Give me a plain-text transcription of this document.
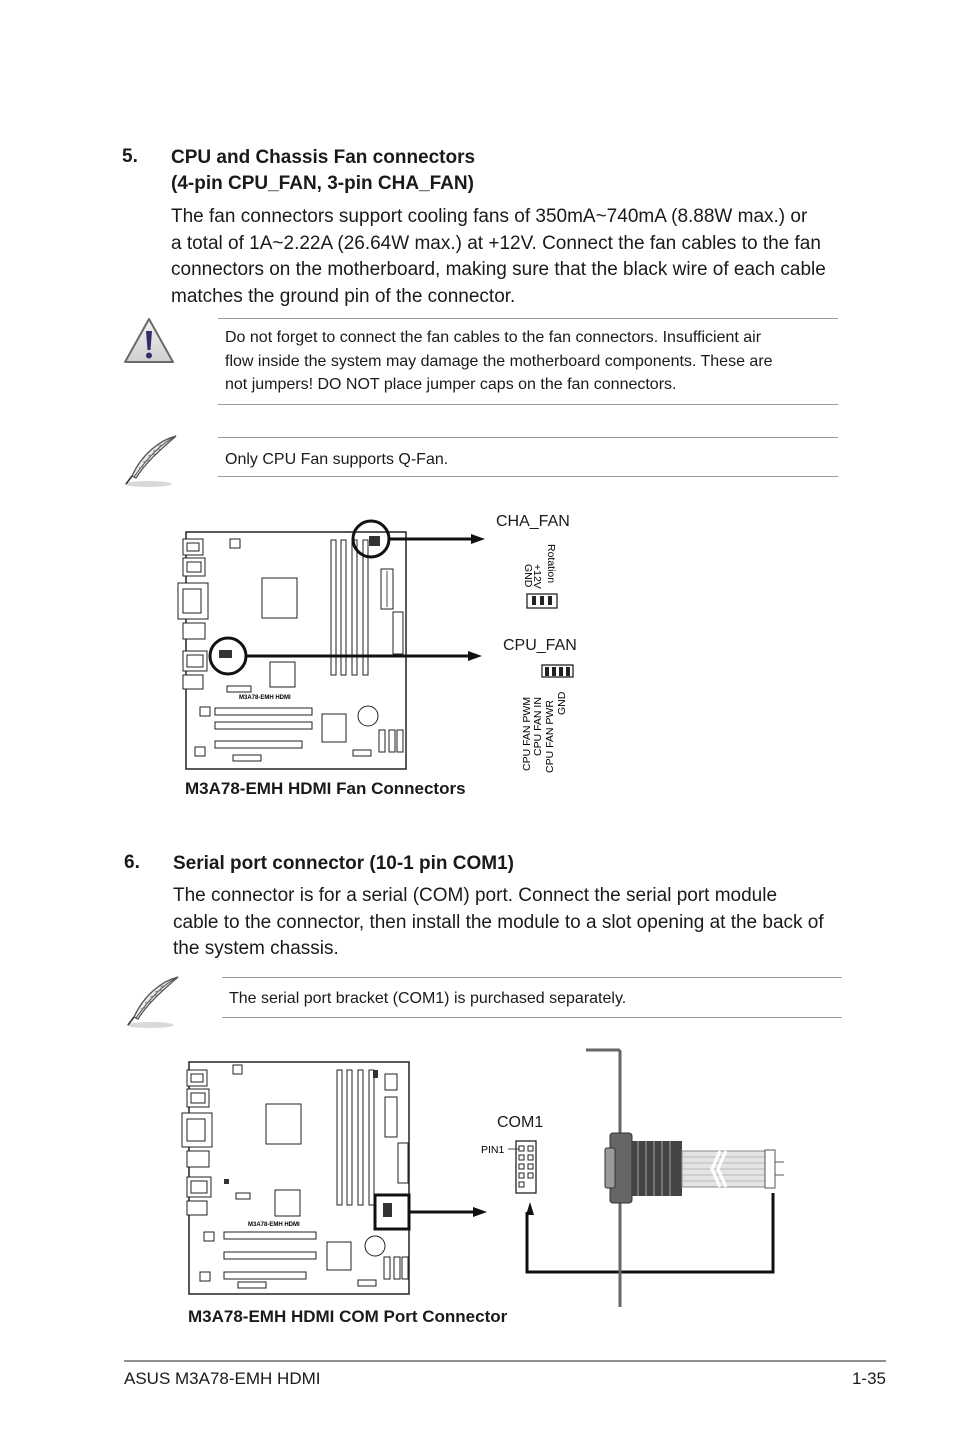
5. CPU and Chassis Fan connectors
(4-pin CPU_FAN, 3-pin CHA_FAN)
The fan connectors support cooling fans of 350mA~740mA (8.88W max.) or
a total of 1A~2.22A (26.64W max.) at +12V. Connect the fan cables to the fan
connectors on the motherboard, making sure that the black wire of each cable
matches the ground pin of the connector.
Do not forget to connect the fan cables to the fan connectors. Insufficient air
flow inside the system may damage the motherboard components. These are
not jumpers! DO NOT place jumper caps on the fan connectors.
Only CPU Fan supports Q-Fan.
M3A78-EMH HDMI
GND
+12V Rotation
CPU FAN PWM CPU FAN IN CPU FAN PWR GND
CHA_FAN
CPU_FAN
M3A78-EMH HDMI Fan Connectors
6. Serial port connector (10-1 pin COM1)
The connector is for a serial (COM) port. Connect the serial port module
cable to the connector, then install the module to a slot opening at the back of
the system chassis.
The serial port bracket (COM1) is purchased separately.
M3A78-EMH HDMI
PIN1
COM1
M3A78-EMH HDMI COM Port Connector
ASUS M3A78-EMH HDMI	1-35
